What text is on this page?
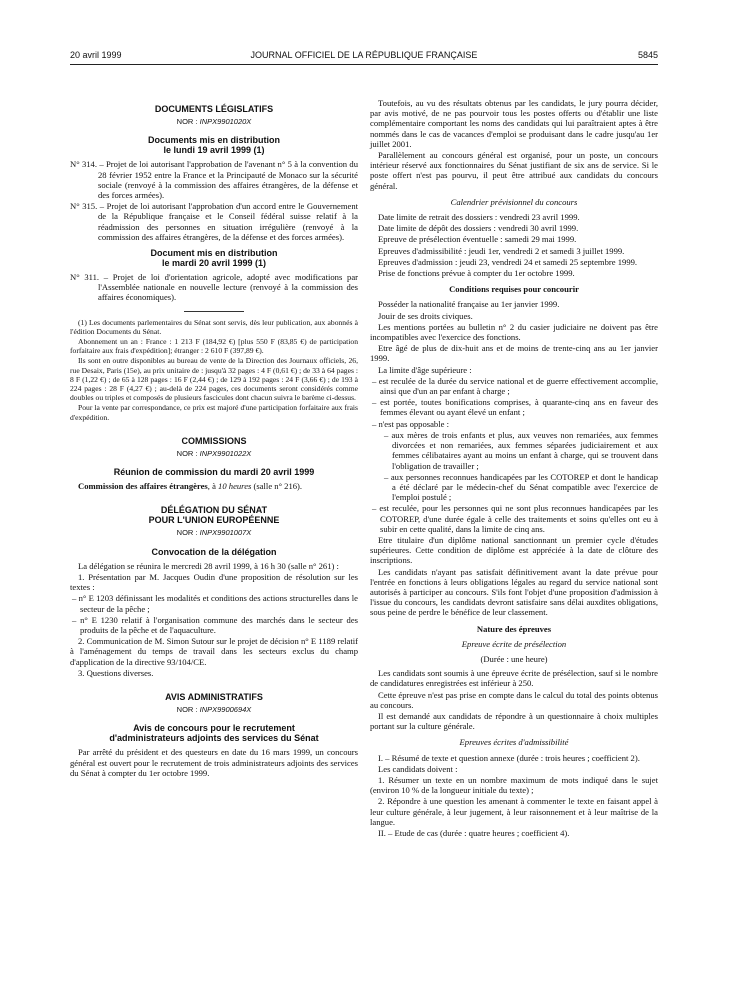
20 avril 1999	JOURNAL OFFICIEL DE LA RÉPUBLIQUE FRANÇAISE	5845
DOCUMENTS LÉGISLATIFS
NOR : INPX9901020X
Documents mis en distribution
le lundi 19 avril 1999 (1)

N° 314. – Projet de loi autorisant l'approbation de l'avenant n° 5 à la convention du 28 février 1952 entre la France et la Principauté de Monaco sur la sécurité sociale (renvoyé à la commission des affaires étrangères, de la défense et des forces armées).

N° 315. – Projet de loi autorisant l'approbation d'un accord entre le Gouvernement de la République française et le Conseil fédéral suisse relatif à la réadmission des personnes en situation irrégulière (renvoyé à la commission des affaires étrangères, de la défense et des forces armées).

Document mis en distribution
le mardi 20 avril 1999 (1)

N° 311. – Projet de loi d'orientation agricole, adopté avec modifications par l'Assemblée nationale en nouvelle lecture (renvoyé à la commission des affaires économiques).

(1) Les documents parlementaires du Sénat sont servis, dès leur publication, aux abonnés à l'édition Documents du Sénat.

Abonnement un an : France : 1 213 F (184,92 €) [plus 550 F (83,85 €) de participation forfaitaire aux frais d'expédition]; étranger : 2 610 F (397,89 €).

Ils sont en outre disponibles au bureau de vente de la Direction des Journaux officiels, 26, rue Desaix, Paris (15e), au prix unitaire de : jusqu'à 32 pages : 4 F (0,61 €) ; de 33 à 64 pages : 8 F (1,22 €) ; de 65 à 128 pages : 16 F (2,44 €) ; de 129 à 192 pages : 24 F (3,66 €) ; de 193 à 224 pages : 28 F (4,27 €) ; au-delà de 224 pages, ces documents seront considérés comme doubles ou triples et composés de plusieurs fascicules dont chacun suivra le barème ci-dessus.

Pour la vente par correspondance, ce prix est majoré d'une participation forfaitaire aux frais d'expédition.

COMMISSIONS
NOR : INPX9901022X
Réunion de commission du mardi 20 avril 1999

Commission des affaires étrangères, à 10 heures (salle n° 216).

DÉLÉGATION DU SÉNAT
POUR L'UNION EUROPÉENNE
NOR : INPX9901007X
Convocation de la délégation

La délégation se réunira le mercredi 28 avril 1999, à 16 h 30 (salle n° 261) :

1. Présentation par M. Jacques Oudin d'une proposition de résolution sur les textes :

– n° E 1203 définissant les modalités et conditions des actions structurelles dans le secteur de la pêche ;

– n° E 1230 relatif à l'organisation commune des marchés dans le secteur des produits de la pêche et de l'aquaculture.

2. Communication de M. Simon Sutour sur le projet de décision n° E 1189 relatif à l'aménagement du temps de travail dans les secteurs exclus du champ d'application de la directive 93/104/CE.

3. Questions diverses.

AVIS ADMINISTRATIFS
NOR : INPX9900694X
Avis de concours pour le recrutement
d'administrateurs adjoints des services du Sénat

Par arrêté du président et des questeurs en date du 16 mars 1999, un concours général est ouvert pour le recrutement de trois administrateurs adjoints des services du Sénat à compter du 1er octobre 1999.

Toutefois, au vu des résultats obtenus par les candidats, le jury pourra décider, par avis motivé, de ne pas pourvoir tous les postes offerts ou d'établir une liste complémentaire comportant les noms des candidats qui lui paraîtraient aptes à être nommés dans le cas de vacances d'emploi se produisant dans le cadre jusqu'au 1er juillet 2001.

Parallèlement au concours général est organisé, pour un poste, un concours intérieur réservé aux fonctionnaires du Sénat justifiant de six ans de service. Si le poste offert n'est pas pourvu, il peut être attribué aux candidats du concours général.

Calendrier prévisionnel du concours

Date limite de retrait des dossiers : vendredi 23 avril 1999.

Date limite de dépôt des dossiers : vendredi 30 avril 1999.

Epreuve de présélection éventuelle : samedi 29 mai 1999.

Epreuves d'admissibilité : jeudi 1er, vendredi 2 et samedi 3 juillet 1999.

Epreuves d'admission : jeudi 23, vendredi 24 et samedi 25 septembre 1999.

Prise de fonctions prévue à compter du 1er octobre 1999.

Conditions requises pour concourir

Posséder la nationalité française au 1er janvier 1999.

Jouir de ses droits civiques.

Les mentions portées au bulletin n° 2 du casier judiciaire ne doivent pas être incompatibles avec l'exercice des fonctions.

Etre âgé de plus de dix-huit ans et de moins de trente-cinq ans au 1er janvier 1999.

La limite d'âge supérieure :

– est reculée de la durée du service national et de guerre effectivement accomplie, ainsi que d'un an par enfant à charge ;

– est portée, toutes bonifications comprises, à quarante-cinq ans en faveur des femmes élevant ou ayant élevé un enfant ;

– n'est pas opposable :

– aux mères de trois enfants et plus, aux veuves non remariées, aux femmes divorcées et non remariées, aux femmes séparées judiciairement et aux femmes célibataires ayant au moins un enfant à charge, qui se trouvent dans l'obligation de travailler ;

– aux personnes reconnues handicapées par les COTOREP et dont le handicap a été déclaré par le médecin-chef du Sénat compatible avec l'exercice de l'emploi postulé ;

– est reculée, pour les personnes qui ne sont plus reconnues handicapées par les COTOREP, d'une durée égale à celle des traitements et soins qu'elles ont eu à subir en cette qualité, dans la limite de cinq ans.

Etre titulaire d'un diplôme national sanctionnant un premier cycle d'études supérieures. Cette condition de diplôme est appréciée à la date de clôture des inscriptions.

Les candidats n'ayant pas satisfait définitivement avant la date prévue pour l'entrée en fonctions à leurs obligations légales au regard du service national sont autorisés à participer au concours. S'ils font l'objet d'une proposition d'admission à l'issue du concours, les candidats devront satisfaire sans délai auxdites obligations, sous peine de perdre le bénéfice de leur classement.

Nature des épreuves
Epreuve écrite de présélection
(Durée : une heure)

Les candidats sont soumis à une épreuve écrite de présélection, sauf si le nombre de candidatures enregistrées est inférieur à 250.

Cette épreuve n'est pas prise en compte dans le calcul du total des points obtenus au concours.

Il est demandé aux candidats de répondre à un questionnaire à choix multiples portant sur la culture générale.

Epreuves écrites d'admissibilité

I. – Résumé de texte et question annexe (durée : trois heures ; coefficient 2).

Les candidats doivent :

1. Résumer un texte en un nombre maximum de mots indiqué dans le sujet (environ 10 % de la longueur initiale du texte) ;

2. Répondre à une question les amenant à commenter le texte en faisant appel à leur culture générale, à leur jugement, à leur raisonnement et à leur maîtrise de la langue.

II. – Etude de cas (durée : quatre heures ; coefficient 4).
